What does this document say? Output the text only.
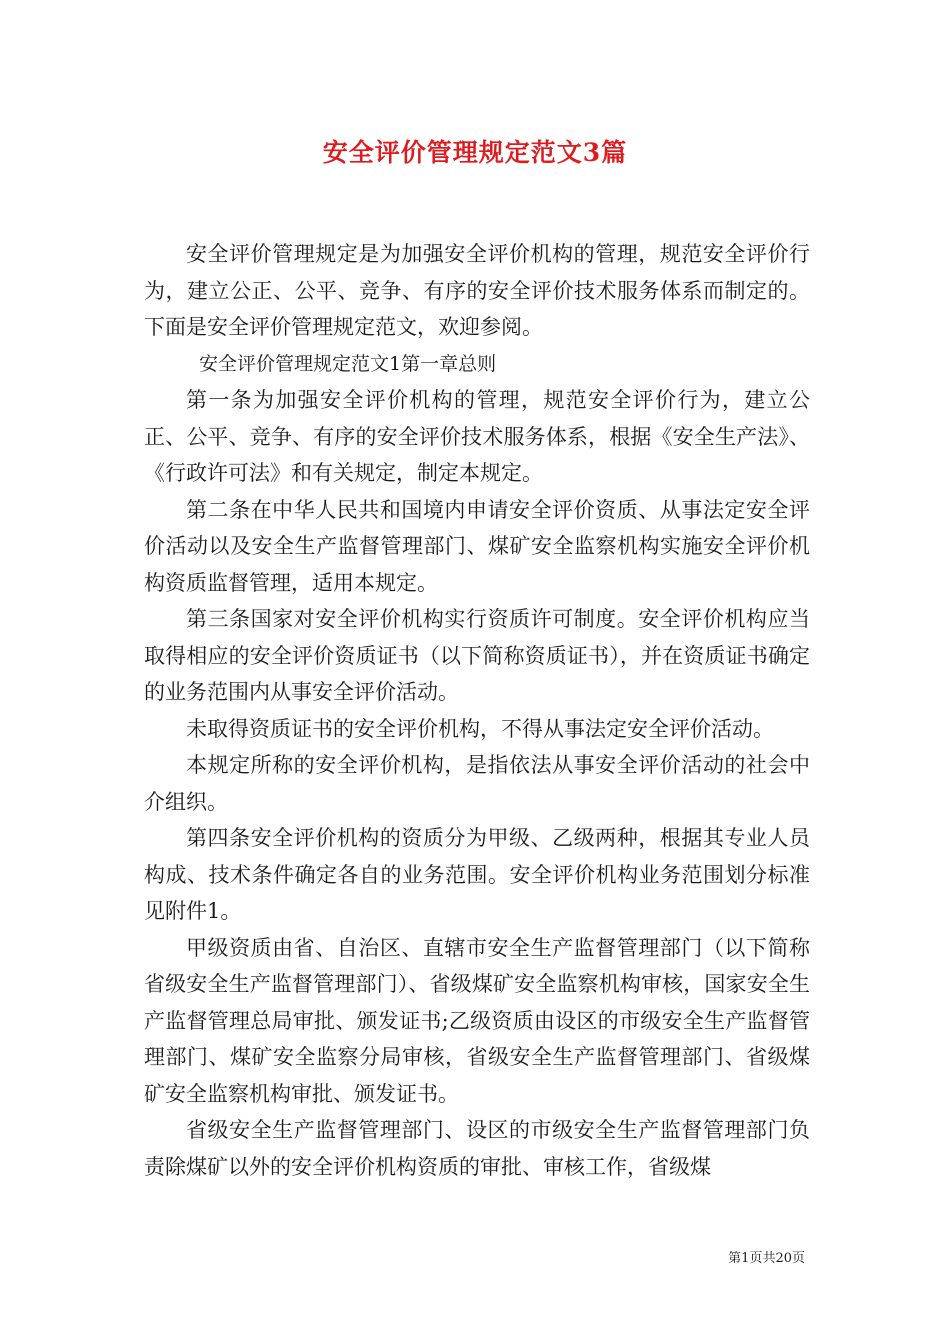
安全评价管理规定范文3篇

安全评价管理规定是为加强安全评价机构的管理，规范安全评价行为，建立公正、公平、竞争、有序的安全评价技术服务体系而制定的。下面是安全评价管理规定范文，欢迎参阅。

安全评价管理规定范文1第一章总则

第一条为加强安全评价机构的管理，规范安全评价行为，建立公正、公平、竞争、有序的安全评价技术服务体系，根据《安全生产法》、《行政许可法》和有关规定，制定本规定。

第二条在中华人民共和国境内申请安全评价资质、从事法定安全评价活动以及安全生产监督管理部门、煤矿安全监察机构实施安全评价机构资质监督管理，适用本规定。

第三条国家对安全评价机构实行资质许可制度。安全评价机构应当取得相应的安全评价资质证书（以下简称资质证书），并在资质证书确定的业务范围内从事安全评价活动。

未取得资质证书的安全评价机构，不得从事法定安全评价活动。

本规定所称的安全评价机构，是指依法从事安全评价活动的社会中介组织。

第四条安全评价机构的资质分为甲级、乙级两种，根据其专业人员构成、技术条件确定各自的业务范围。安全评价机构业务范围划分标准见附件1。

甲级资质由省、自治区、直辖市安全生产监督管理部门（以下简称省级安全生产监督管理部门）、省级煤矿安全监察机构审核，国家安全生产监督管理总局审批、颁发证书;乙级资质由设区的市级安全生产监督管理部门、煤矿安全监察分局审核，省级安全生产监督管理部门、省级煤矿安全监察机构审批、颁发证书。

省级安全生产监督管理部门、设区的市级安全生产监督管理部门负责除煤矿以外的安全评价机构资质的审批、审核工作，省级煤

第1页共20页
